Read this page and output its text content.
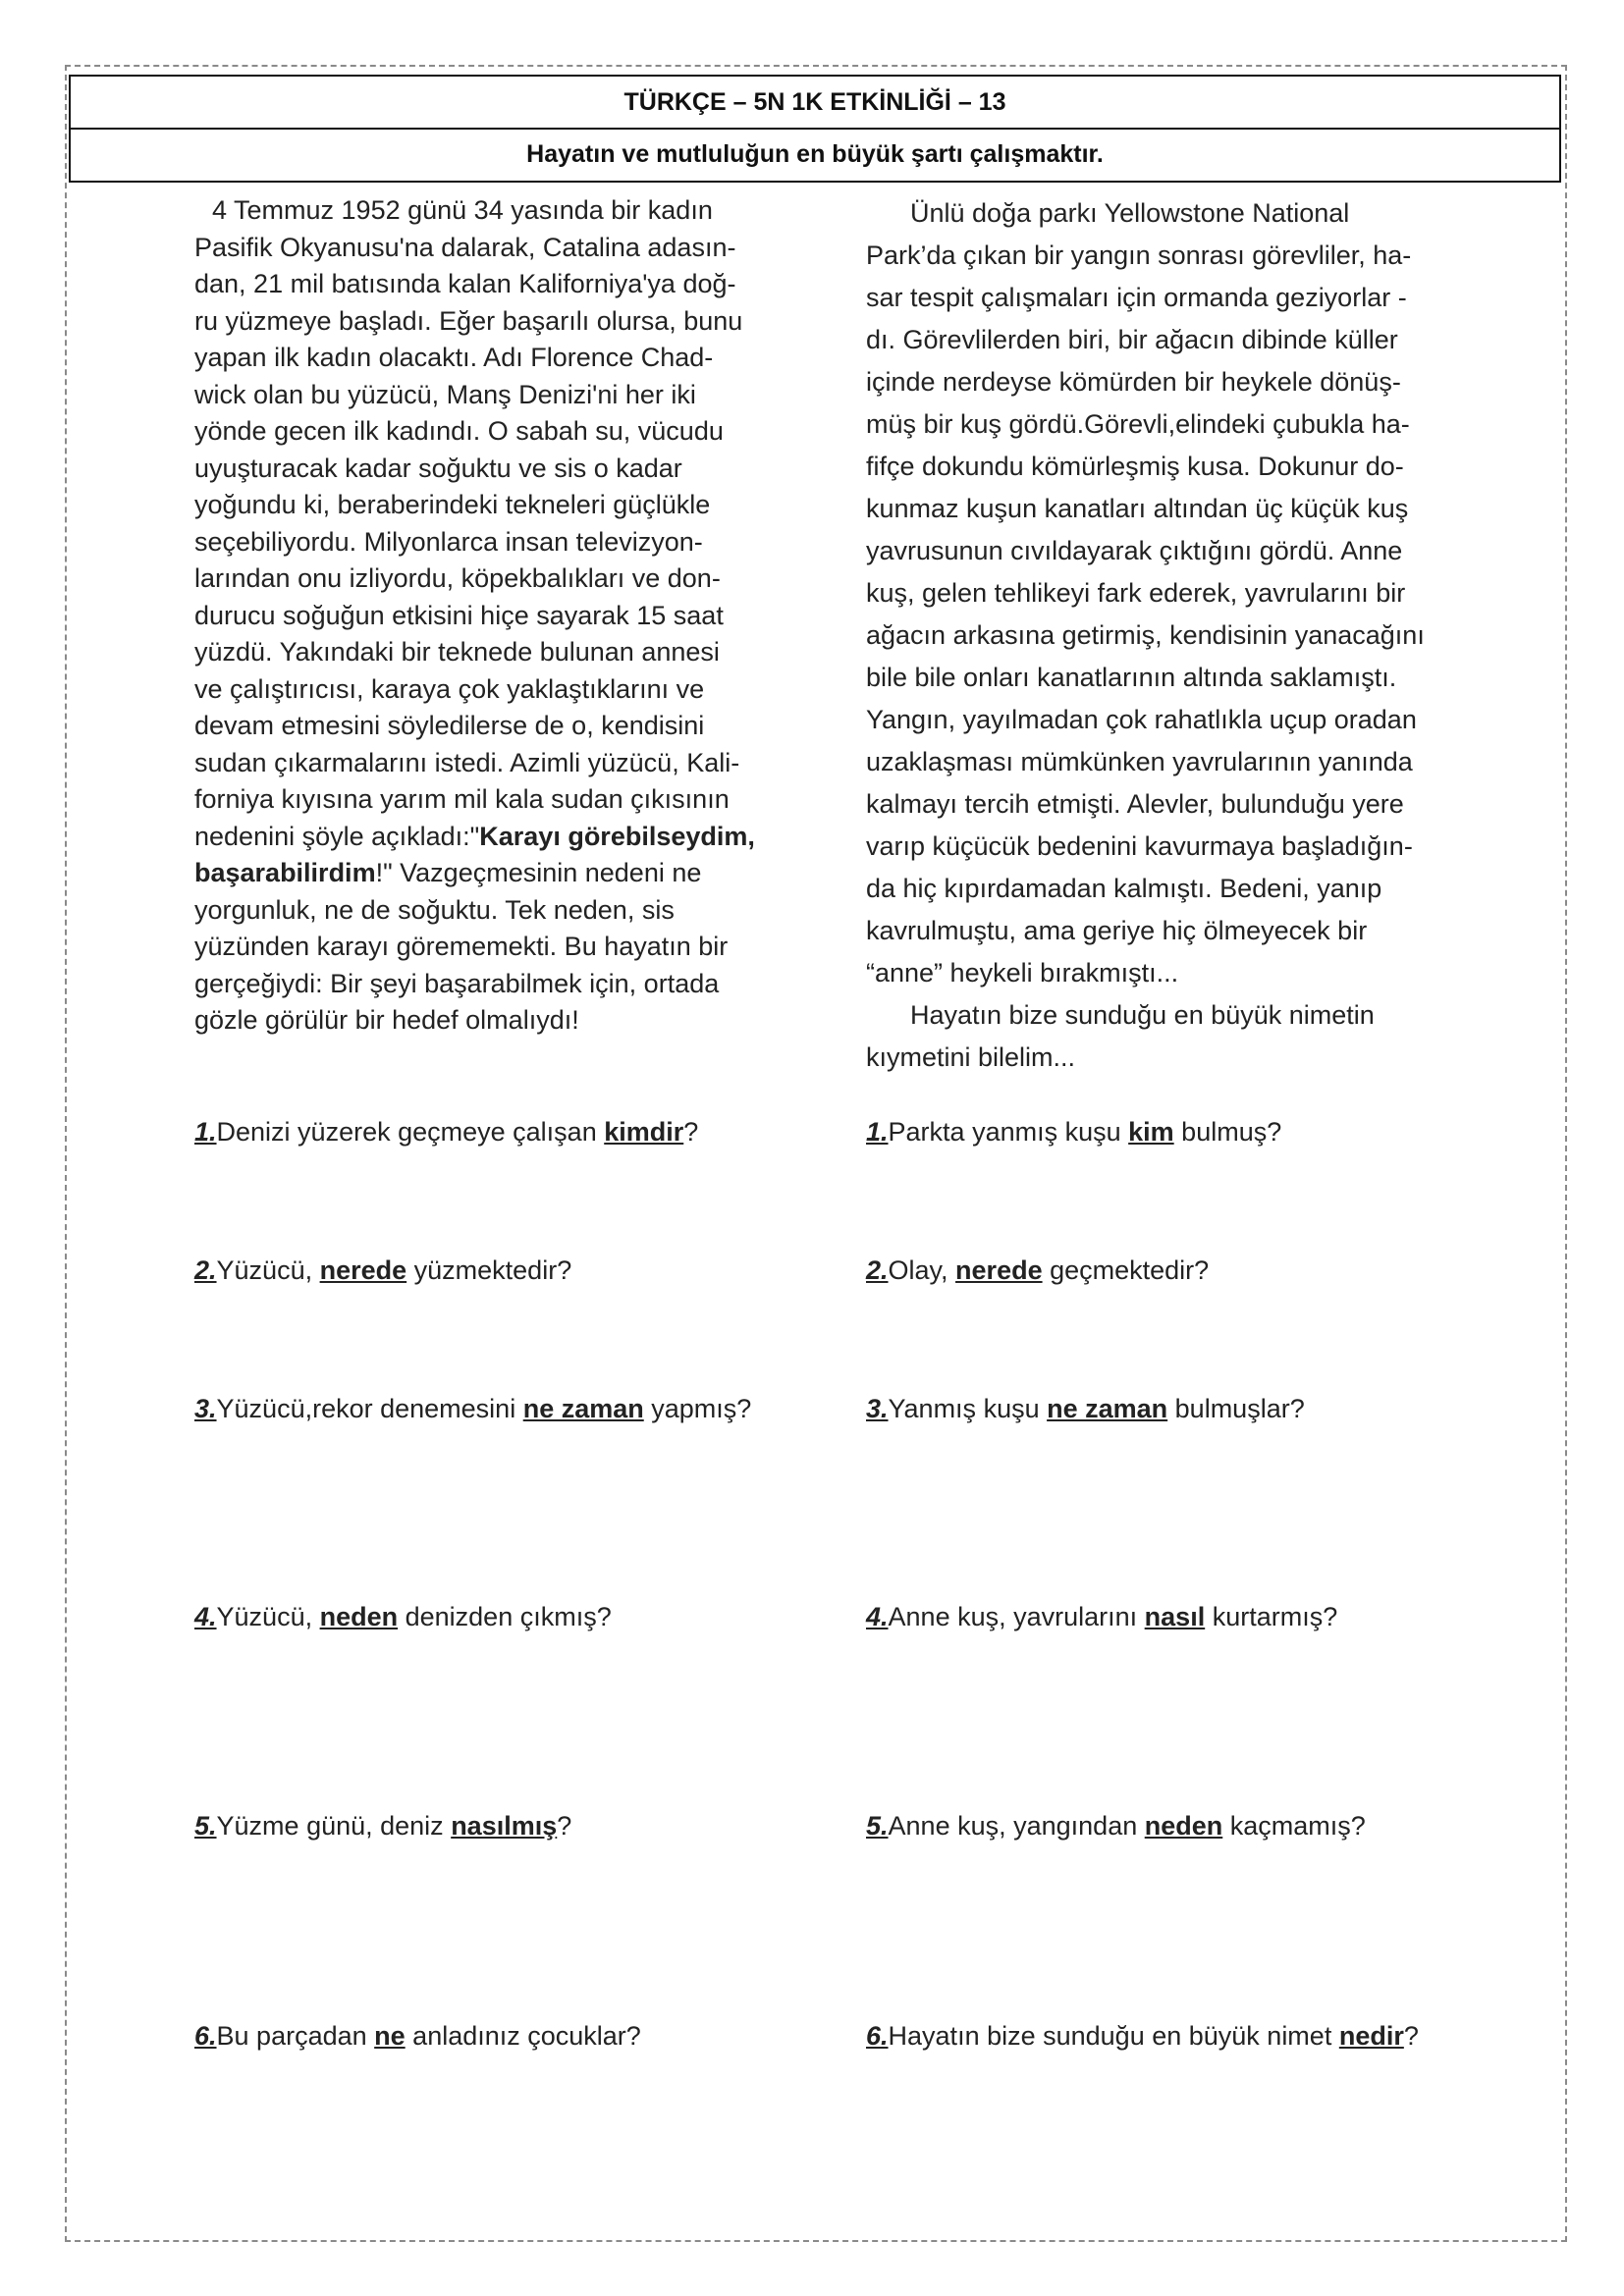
TÜRKÇE – 5N 1K ETKİNLİĞİ – 13
Hayatın ve mutluluğun en büyük şartı çalışmaktır.
4 Temmuz 1952 günü 34 yasında bir kadın
Pasifik Okyanusu'na dalarak, Catalina adasın-
dan, 21 mil batısında kalan Kaliforniya'ya doğ-
ru yüzmeye başladı. Eğer başarılı olursa, bunu
yapan ilk kadın olacaktı. Adı Florence Chad-
wick olan bu yüzücü, Manş Denizi'ni her iki
yönde gecen ilk kadındı. O sabah su, vücudu
uyuşturacak kadar soğuktu ve sis o kadar
yoğundu ki, beraberindeki tekneleri güçlükle
seçebiliyordu. Milyonlarca insan televizyon-
larından onu izliyordu, köpekbalıkları ve don-
durucu soğuğun etkisini hiçe sayarak 15 saat
yüzdü. Yakındaki bir teknede bulunan annesi
ve çalıştırıcısı, karaya çok yaklaştıklarını ve
devam etmesini söyledilerse de o, kendisini
sudan çıkarmalarını istedi. Azimli yüzücü, Kali-
forniya kıyısına yarım mil kala sudan çıkısının
nedenini şöyle açıkladı:"Karayı görebilseydim,
başarabilirdim!" Vazgeçmesinin nedeni ne
yorgunluk, ne de soğuktu. Tek neden, sis
yüzünden karayı görememekti. Bu hayatın bir
gerçeğiydi: Bir şeyi başarabilmek için, ortada
gözle görülür bir hedef olmalıydı!
Ünlü doğa parkı Yellowstone National
Park’da çıkan bir yangın sonrası görevliler, ha-
sar tespit çalışmaları için ormanda geziyorlar -
dı. Görevlilerden biri, bir ağacın dibinde küller
içinde nerdeyse kömürden bir heykele dönüş-
müş bir kuş gördü.Görevli,elindeki çubukla ha-
fifçe dokundu kömürleşmiş kusa. Dokunur do-
kunmaz kuşun kanatları altından üç küçük kuş
yavrusunun cıvıldayarak çıktığını gördü. Anne
kuş, gelen tehlikeyi fark ederek, yavrularını bir
ağacın arkasına getirmiş, kendisinin yanacağını
bile bile onları kanatlarının altında saklamıştı.
Yangın, yayılmadan çok rahatlıkla uçup oradan
uzaklaşması mümkünken yavrularının yanında
kalmayı tercih etmişti. Alevler, bulunduğu yere
varıp küçücük bedenini kavurmaya başladığın-
da hiç kıpırdamadan kalmıştı. Bedeni, yanıp
kavrulmuştu, ama geriye hiç ölmeyecek bir
“anne” heykeli bırakmıştı...
Hayatın bize sunduğu en büyük nimetin
kıymetini bilelim...
1.Denizi yüzerek geçmeye çalışan kimdir?
2.Yüzücü, nerede yüzmektedir?
3.Yüzücü,rekor denemesini ne zaman yapmış?
4.Yüzücü, neden denizden çıkmış?
5.Yüzme günü, deniz nasılmış?
6.Bu parçadan ne anladınız çocuklar?
1.Parkta yanmış kuşu kim bulmuş?
2.Olay, nerede geçmektedir?
3.Yanmış kuşu ne zaman bulmuşlar?
4.Anne kuş, yavrularını nasıl kurtarmış?
5.Anne kuş, yangından neden kaçmamış?
6.Hayatın bize sunduğu en büyük nimet nedir?
